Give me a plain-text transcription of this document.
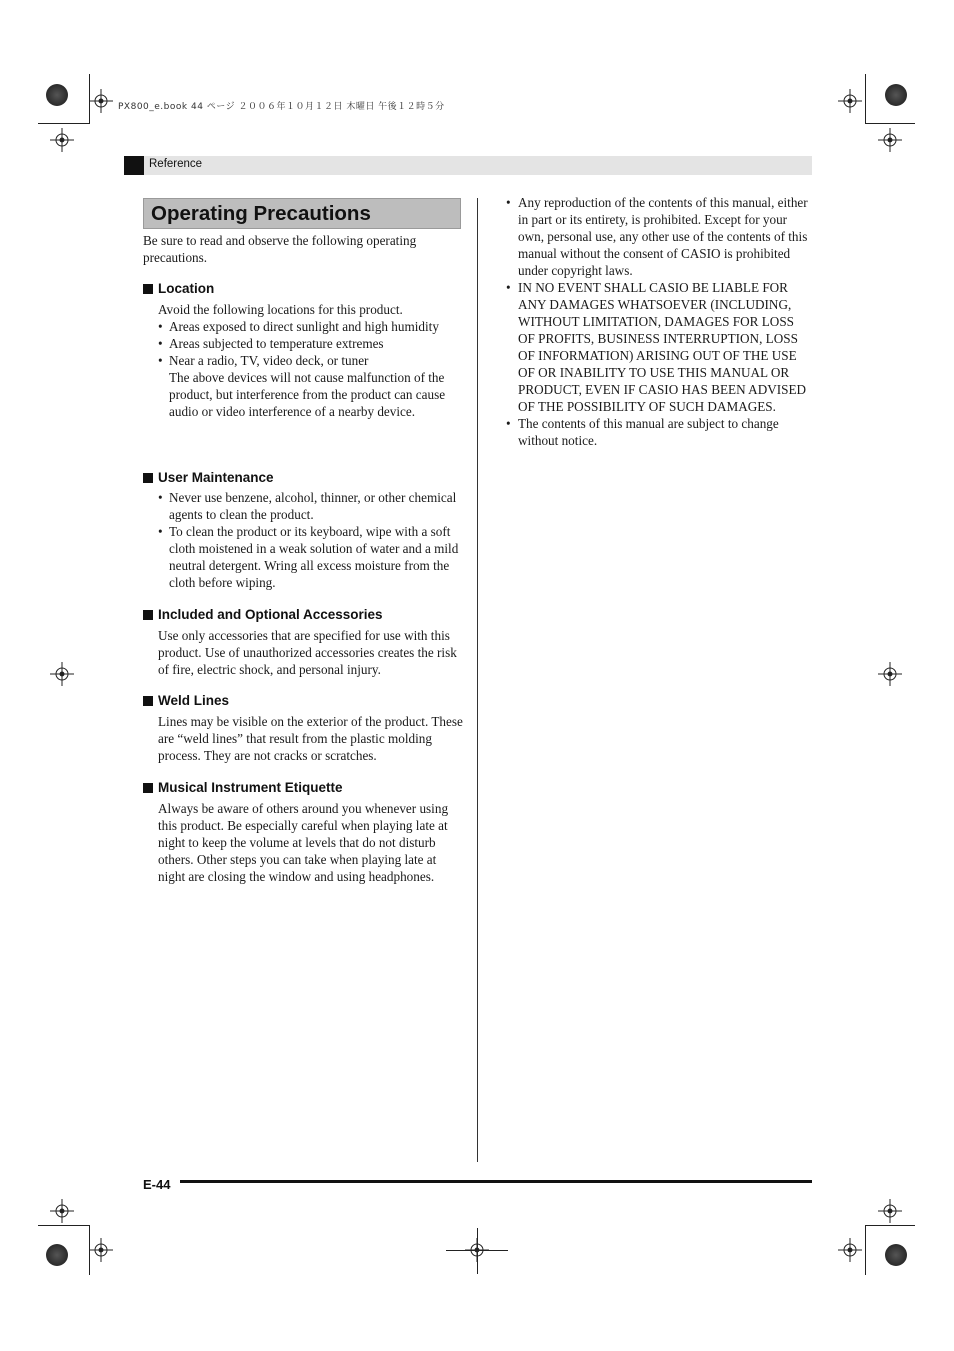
PX800_e.book 44 ページ ２００６年１０月１２日 木曜日 午後１２時５分
Reference
Operating Precautions
Be sure to read and observe the following operating precautions.
Location

Avoid the following locations for this product.

• Areas exposed to direct sunlight and high humidity
• Areas subjected to temperature extremes
• Near a radio, TV, video deck, or tuner

The above devices will not cause malfunction of the product, but interference from the product can cause audio or video interference of a nearby device.

User Maintenance
• Never use benzene, alcohol, thinner, or other chemical agents to clean the product.
• To clean the product or its keyboard, wipe with a soft cloth moistened in a weak solution of water and a mild neutral detergent. Wring all excess moisture from the cloth before wiping.
Included and Optional Accessories
Use only accessories that are specified for use with this product. Use of unauthorized accessories creates the risk of fire, electric shock, and personal injury.
Weld Lines
Lines may be visible on the exterior of the product. These are “weld lines” that result from the plastic molding process. They are not cracks or scratches.
Musical Instrument Etiquette
Always be aware of others around you whenever using this product. Be especially careful when playing late at night to keep the volume at levels that do not disturb others. Other steps you can take when playing late at night are closing the window and using headphones.
• Any reproduction of the contents of this manual, either in part or its entirety, is prohibited. Except for your own, personal use, any other use of the contents of this manual without the consent of CASIO is prohibited under copyright laws.
• IN NO EVENT SHALL CASIO BE LIABLE FOR ANY DAMAGES WHATSOEVER (INCLUDING, WITHOUT LIMITATION, DAMAGES FOR LOSS OF PROFITS, BUSINESS INTERRUPTION, LOSS OF INFORMATION) ARISING OUT OF THE USE OF OR INABILITY TO USE THIS MANUAL OR PRODUCT, EVEN IF CASIO HAS BEEN ADVISED OF THE POSSIBILITY OF SUCH DAMAGES.
• The contents of this manual are subject to change without notice.
E-44
